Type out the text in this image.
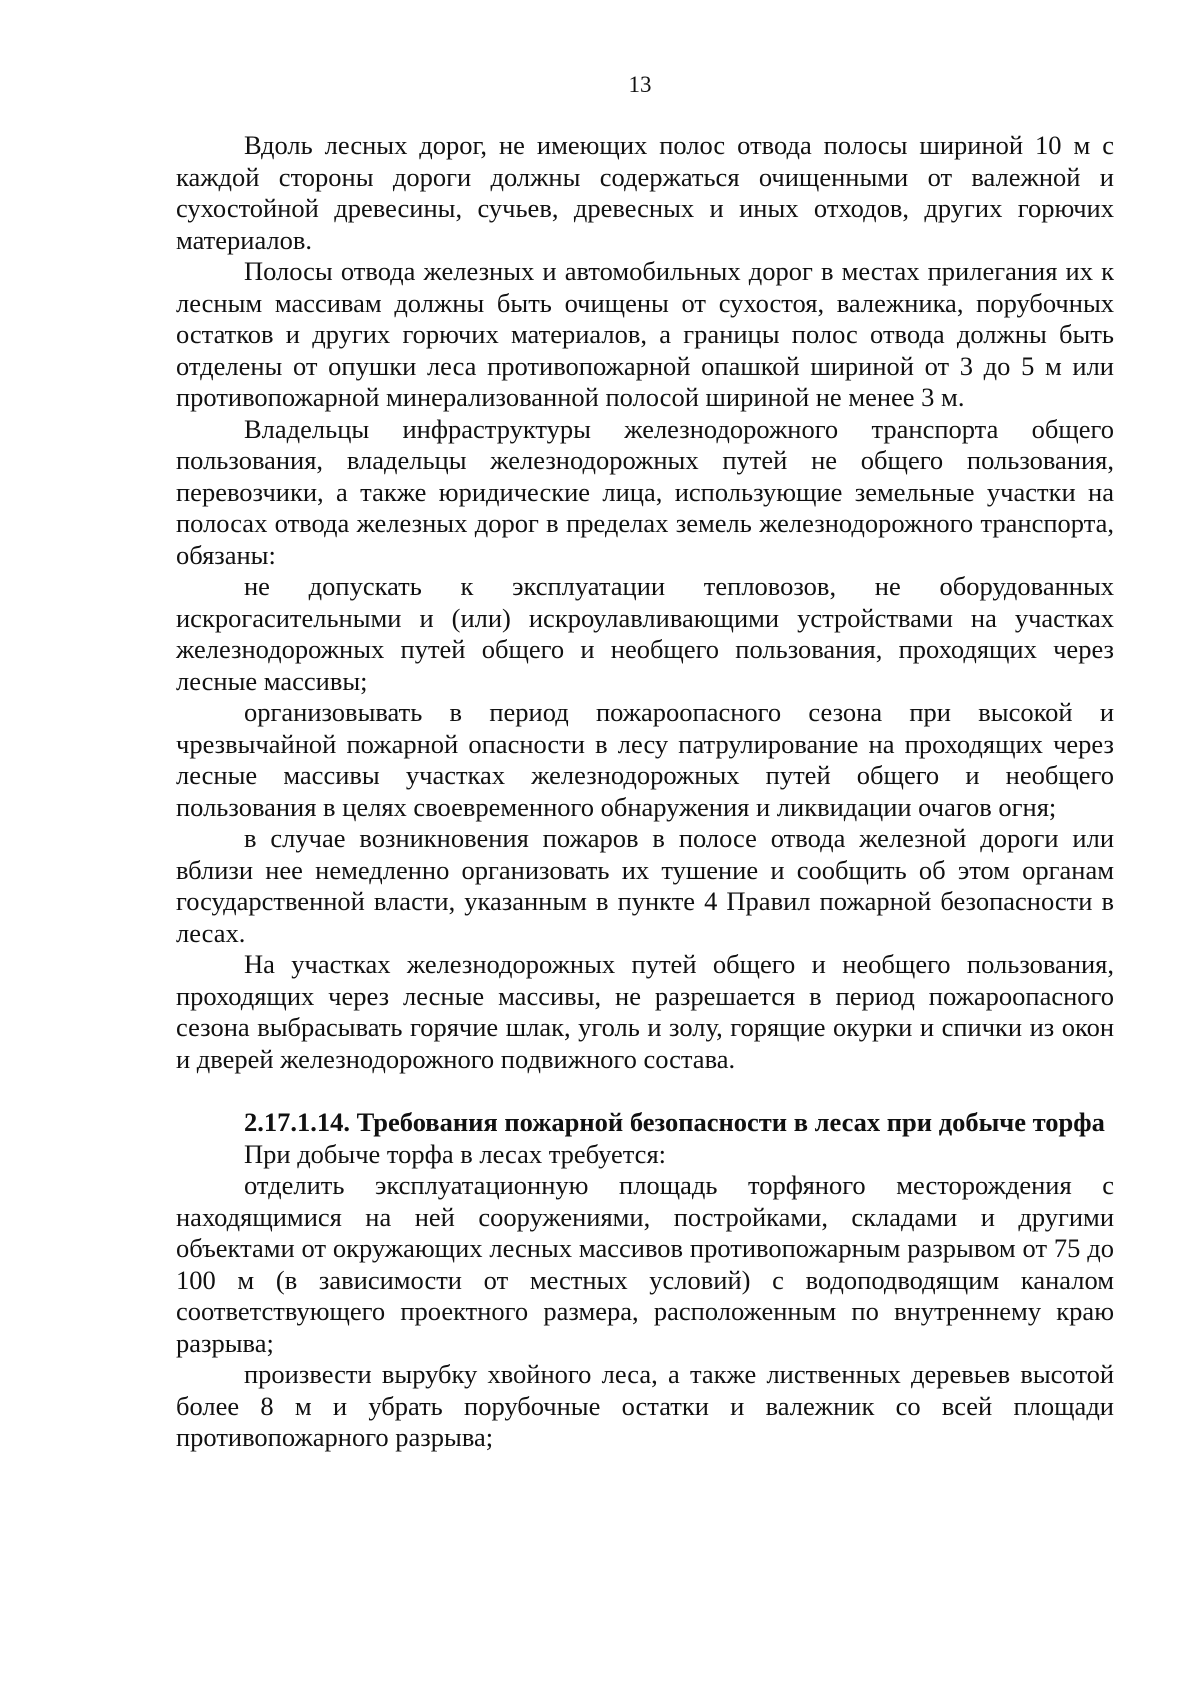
13

Вдоль лесных дорог, не имеющих полос отвода полосы шириной 10 м с каждой стороны дороги должны содержаться очищенными от валежной и сухостойной древесины, сучьев, древесных и иных отходов, других горючих материалов.

Полосы отвода железных и автомобильных дорог в местах прилегания их к лесным массивам должны быть очищены от сухостоя, валежника, порубочных остатков и других горючих материалов, а границы полос отвода должны быть отделены от опушки леса противопожарной опашкой шириной от 3 до 5 м или противопожарной минерализованной полосой шириной не менее 3 м.

Владельцы инфраструктуры железнодорожного транспорта общего пользования, владельцы железнодорожных путей не общего пользования, перевозчики, а также юридические лица, использующие земельные участки на полосах отвода железных дорог в пределах земель железнодорожного транспорта, обязаны:

не допускать к эксплуатации тепловозов, не оборудованных искрогасительными и (или) искроулавливающими устройствами на участках железнодорожных путей общего и необщего пользования, проходящих через лесные массивы;

организовывать в период пожароопасного сезона при высокой и чрезвычайной пожарной опасности в лесу патрулирование на проходящих через лесные массивы участках железнодорожных путей общего и необщего пользования в целях своевременного обнаружения и ликвидации очагов огня;

в случае возникновения пожаров в полосе отвода железной дороги или вблизи нее немедленно организовать их тушение и сообщить об этом органам государственной власти, указанным в пункте 4 Правил пожарной безопасности в лесах.

На участках железнодорожных путей общего и необщего пользования, проходящих через лесные массивы, не разрешается в период пожароопасного сезона выбрасывать горячие шлак, уголь и золу, горящие окурки и спички из окон и дверей железнодорожного подвижного состава.

2.17.1.14. Требования пожарной безопасности в лесах при добыче торфа

При добыче торфа в лесах требуется:

отделить эксплуатационную площадь торфяного месторождения с находящимися на ней сооружениями, постройками, складами и другими объектами от окружающих лесных массивов противопожарным разрывом от 75 до 100 м (в зависимости от местных условий) с водоподводящим каналом соответствующего проектного размера, расположенным по внутреннему краю разрыва;

произвести вырубку хвойного леса, а также лиственных деревьев высотой более 8 м и убрать порубочные остатки и валежник со всей площади противопожарного разрыва;
